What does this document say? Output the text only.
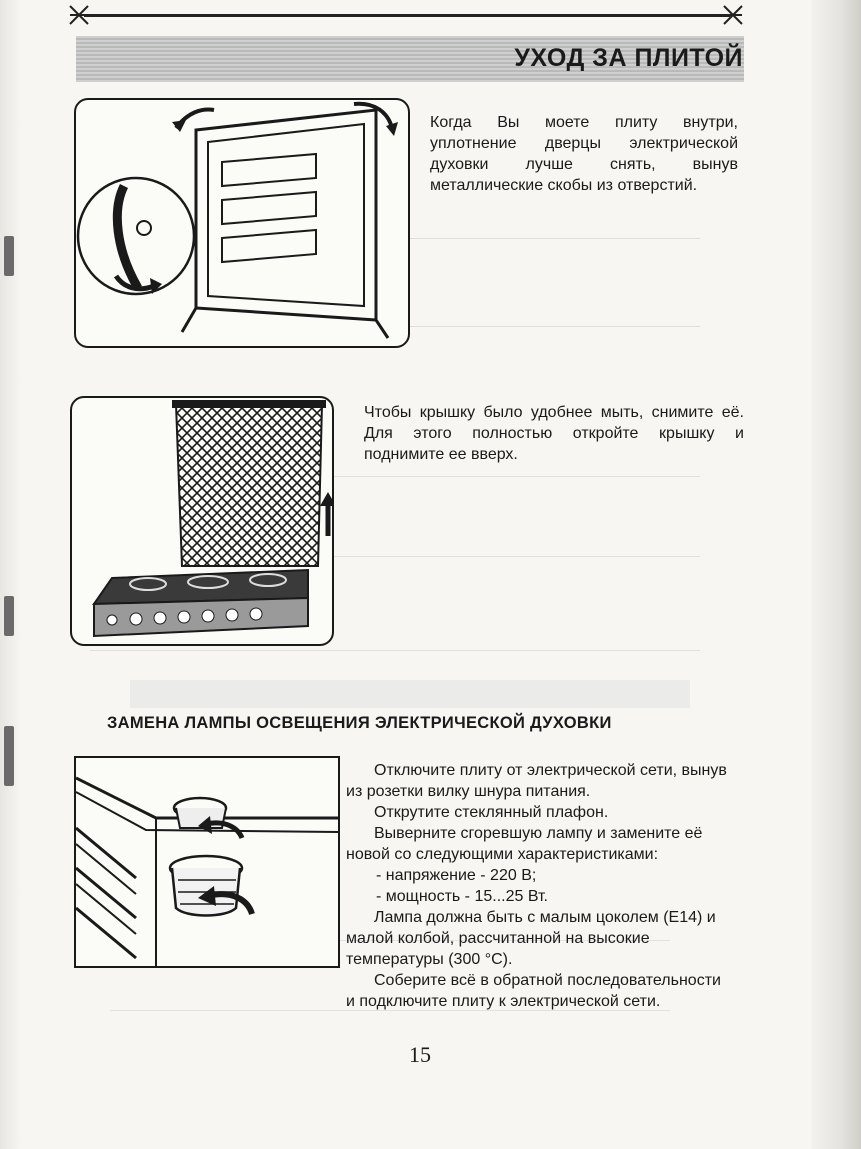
УХОД ЗА ПЛИТОЙ
Когда Вы моете плиту внутри, уплотнение дверцы электрической духовки лучше снять, вынув металлические скобы из отверстий.
Чтобы крышку было удобнее мыть, снимите её. Для этого полностью откройте крышку и поднимите ее вверх.
ЗАМЕНА ЛАМПЫ ОСВЕЩЕНИЯ ЭЛЕКТРИЧЕСКОЙ ДУХОВКИ

Отключите плиту от электрической сети, вынув из розетки вилку шнура питания.

Открутите стеклянный плафон.

Выверните сгоревшую лампу и замените её новой со следующими характеристиками:

- напряжение - 220 В;

- мощность - 15...25 Вт.

Лампа должна быть с малым цоколем (Е14) и малой колбой, рассчитанной на высокие температуры (300 °С).

Соберите всё в обратной последовательности и подключите плиту к электрической сети.

15
